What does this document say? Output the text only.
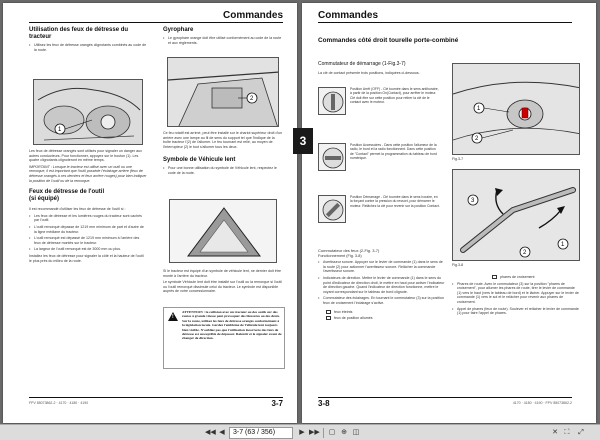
Commandes
Utilisation des feux de détresse du tracteur
• Utilisez les feux de détresse orangés clignotants combinés au code de la route.
1
Les feux de détresse orangés sont utilisés pour signaler un danger aux autres conducteurs. Pour fonctionner, appuyez sur le bouton (1). Les quatre clignotants clignoteront en même temps.
IMPORTANT : Lorsque le tracteur est utilisé avec un outil ou une remorque, il est important que l'outil possède l'éclairage arrière (feux de détresse orangés à ces derniers et feux arrière rouges) pour bien indiquer la position de l'outil ou de la remorque.
Feux de détresse de l'outil
(si équipé)
Il est recommandé d'utiliser les feux de détresse de l'outil si :
• Les feux de détresse et les lumières rouges du tracteur sont cachés par l'outil.
• L'outil remorqué dépasse de 1219 mm minimum de part et d'autre de la ligne médiane du tracteur.
• L'outil remorqué est dépassé de 1219 mm minimum à l'arrière des feux de détresse montés sur le tracteur.
• La largeur de l'outil remorqué est de 3000 mm ou plus.
Installez les feux de détresse pour signaler la côté et la hauteur de l'outil le plus près du milieu de la route.
Gyrophare
• Le gyrophare orange doit être utilisé conformément au code de la route et aux règlements.
2
Ce feu rotatif est arrimé, peut être installé sur le chariot supérieur droit d'un arrière avec une lampe au fil de sens du support tel que l'indique de la boîte tracteur l'(2) de l'allumer. Le feu tournant est relié, au moyen de l'interrupteur (2) le tout s'allumer tous les deux.
Symbole de Véhicule lent
• Pour une bonne utilisation du symbole de Véhicule lent, respectez le code de la route.
Si le tracteur est équipé d'un symbole de véhicule lent, ne dernier doit être monté à l'arrière du tracteur.
Le symbole Véhicule lent doit être installé sur l'outil ou la remorque si l'outil ou l'outil remorqué dissimule celui du tracteur. Le symbole est disponible auprès de votre concessionnaire.
!
ATTENTION : la collision avec un tracteur ou des outils sur des routes à grande vitesse peut provoquer des blessures ou des décès. Sur la route, utilisez les feux de détresse orangés conformément à la législation locale. Gardez l'emblème de Véhicule lent toujours bien visible. N'oubliez pas que l'utilisation incorrecte des feux de détresse est susceptible de dépasser. Ralentir et le signaler avant de changer de direction.
FPV 85073862-2 · 4170 · 4180 · 4190	3-7
3
Commandes
Commandes côté droit tourelle porte-combiné
Commutateur de démarrage (1-Fig.3-7)
La clé de contact présente trois positions, indiquées ci-dessous.
Position Arrêt (OFF) - Clé tournée dans le sens antihoraire, à partir de la position On(Contact), pour arrêter le moteur. Clé doit être sur cette position pour retirer la clé de le contact avec le moteur.
Position Accessoires - Dans cette position l'allumeur de la radio, le bord et la radio fonctionnent. Dans cette position de "Contact" permet la programmation du tableau de bord numérique.
Position Démarrage - Clé tournée dans le sens horaire, en la forçant contre la pression du ressort, pour démarrer le moteur. Relâchez la clé pour revenir sur la position Contact.
1
2
Fig.3-7
3
1
2
Fig.3-8
Commutateur des feux (2-Fig. 3-7)
Fonctionnement (Fig. 3-8)
• Avertisseur sonore. Appuyer sur le levier de commande (1) dans le sens de la route (2) pour actionner l'avertisseur sonore. Relâcher la commande l'avertisseur sonore.
• Indicateurs de direction. Mettre le levier de commande (1) dans le sens du point d'indicateur de direction droit, le mettre en haut pour activer l'indicateur de direction gauche. Quand l'indicateur de direction fonctionne, mettre le voyant correspondant sur le tableau de bord clignote.
• Commutateur des éclairages. En tournant le commutateur (3) sur la position feux de croisement l'éclairage s'active.
feux éteints
feux de position allumés
phares de croisement
• Phares de route. Avec le commutateur (3) sur la position "phares de croisement", pour allumer les phares de route, tirer le levier de commande (1) vers le haut (vers le tableau de bord) et le lâcher. Appuyer sur le levier de commande (1) vers le sol et le relâcher pour revenir aux phares de croisement.
• Appel de phares (feux de route). Soulever et relâcher le levier de commande (1) pour faire l'appel de phares.
3-8	4170 · 4180 · 4190 · FPV 85073862-2
◀◀ ◀	3-7 (63 / 356)	▶ ▶▶ ▢ ⊕ ◫	✕ ⛶	⤢
